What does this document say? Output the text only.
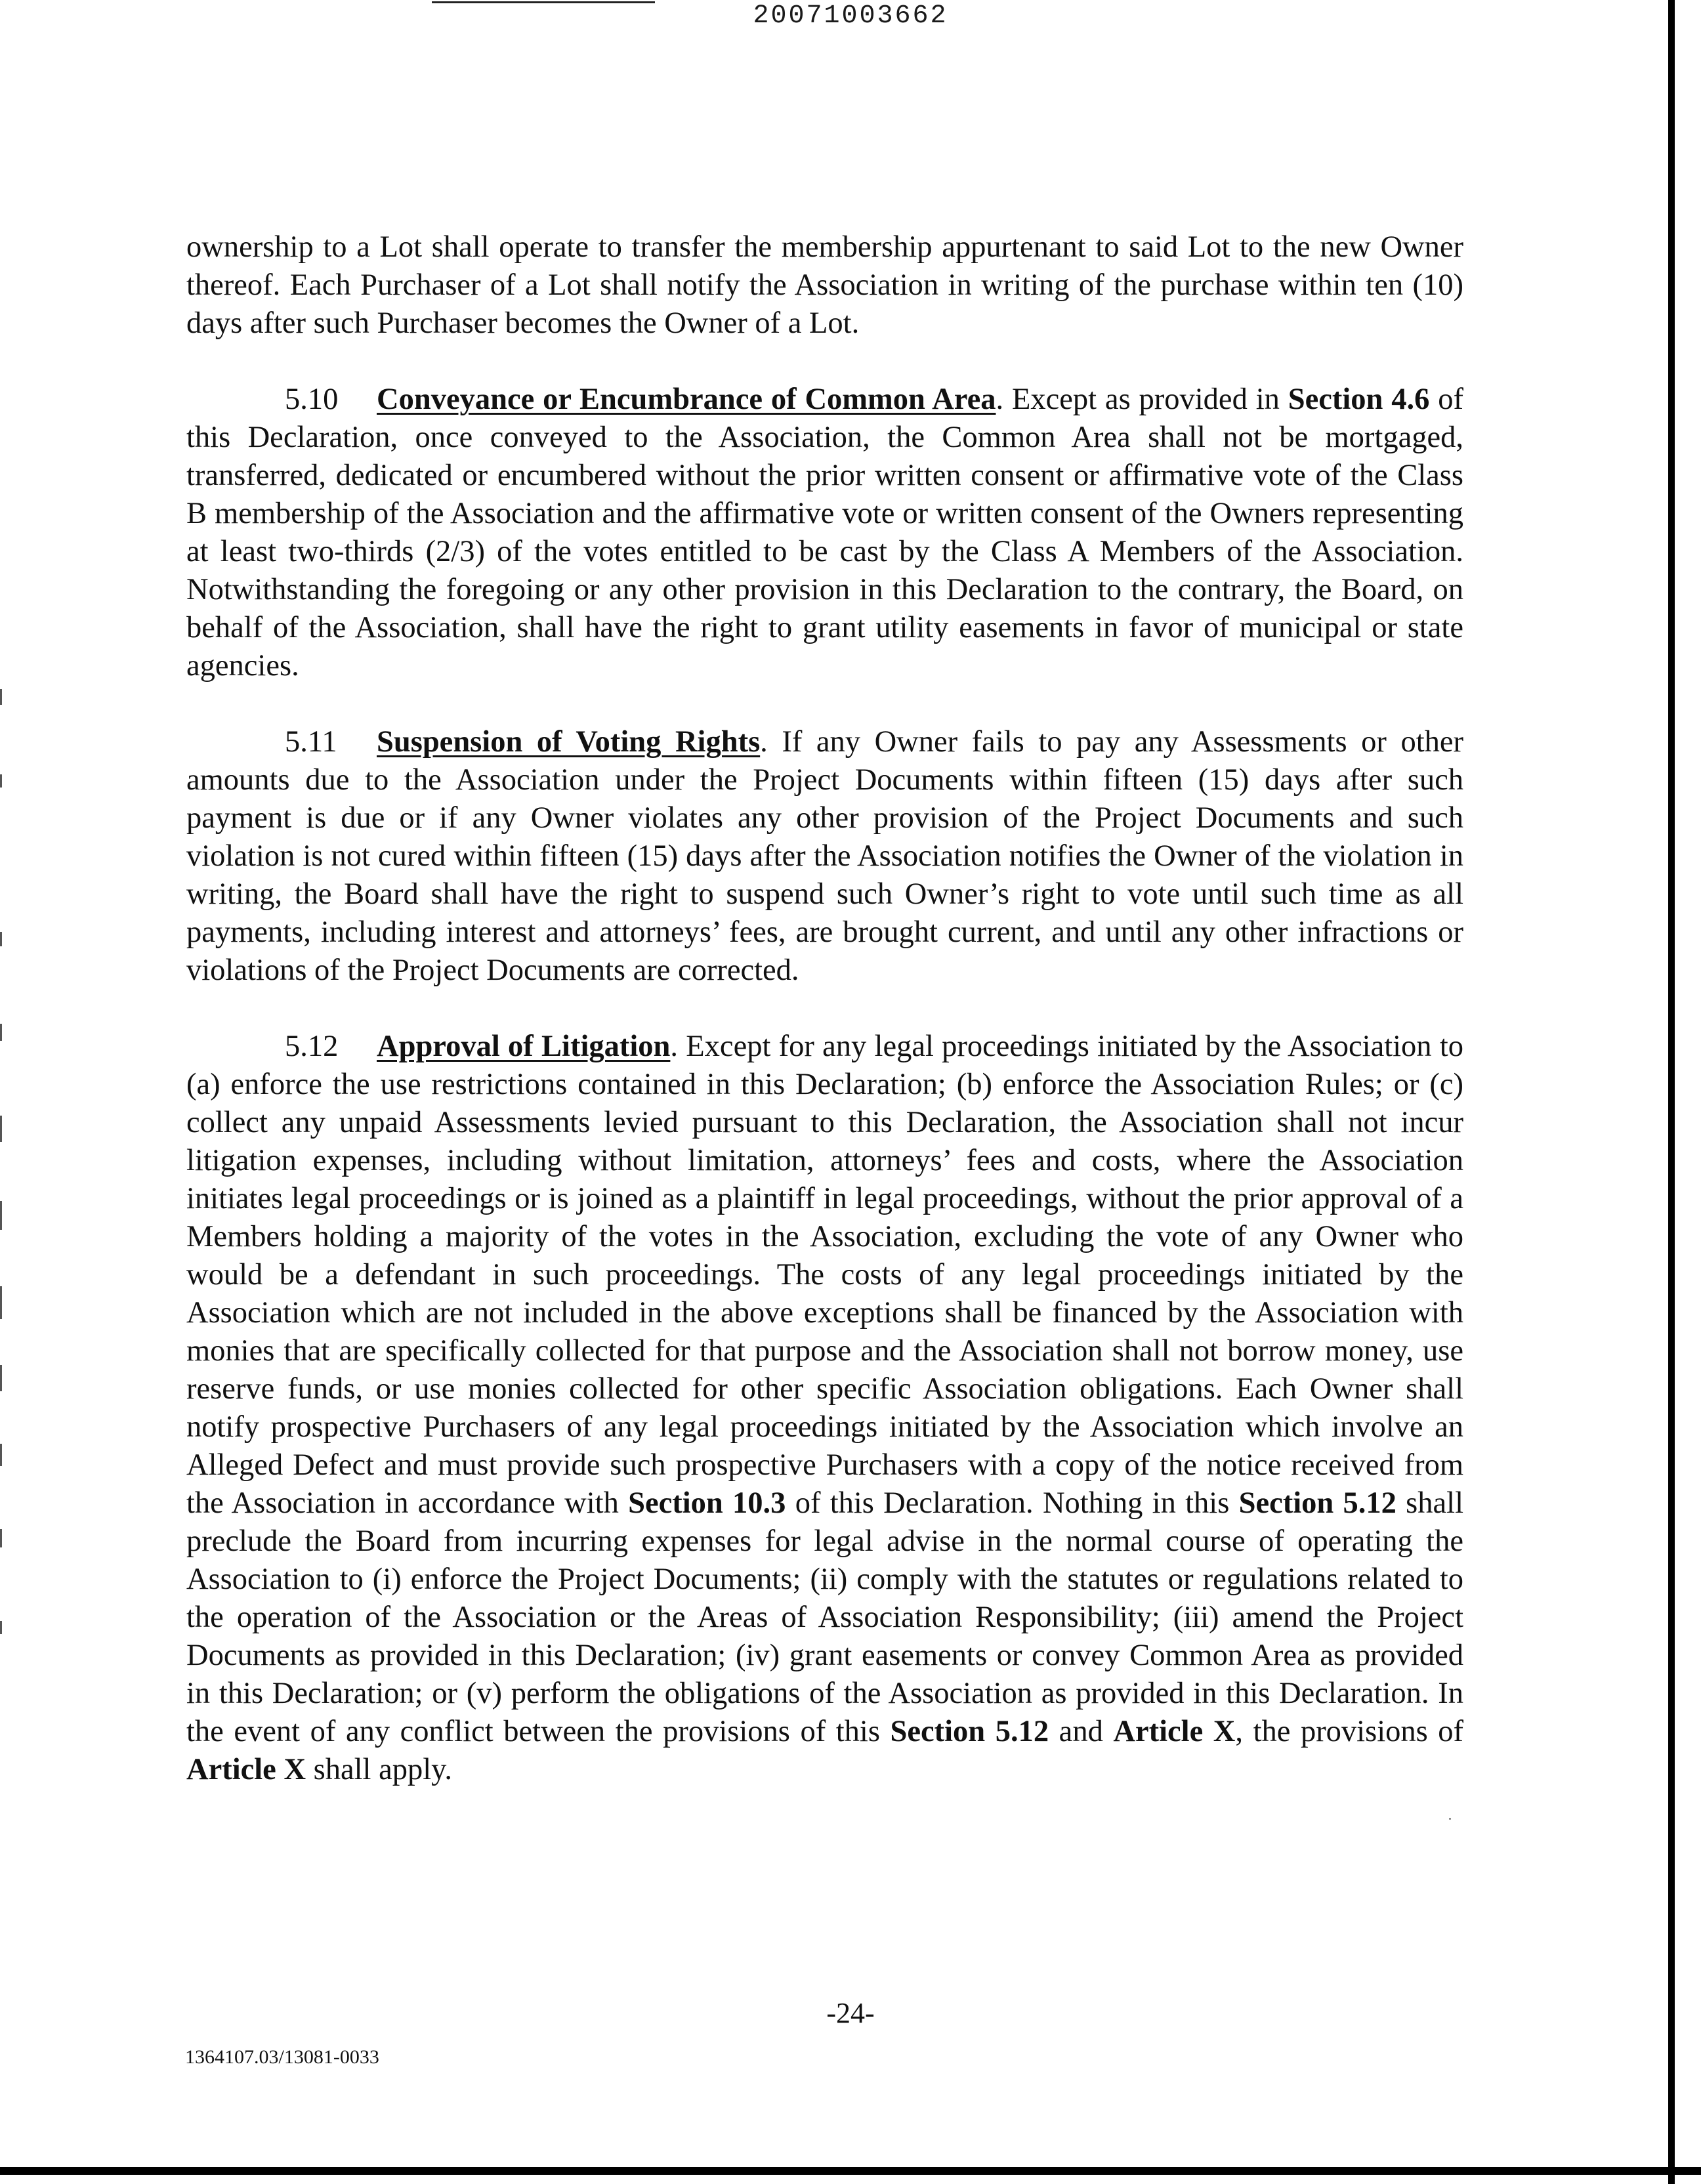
20071003662

ownership to a Lot shall operate to transfer the membership appurtenant to said Lot to the new Owner thereof. Each Purchaser of a Lot shall notify the Association in writing of the purchase within ten (10) days after such Purchaser becomes the Owner of a Lot.

5.10 Conveyance or Encumbrance of Common Area. Except as provided in Section 4.6 of this Declaration, once conveyed to the Association, the Common Area shall not be mortgaged, transferred, dedicated or encumbered without the prior written consent or affirmative vote of the Class B membership of the Association and the affirmative vote or written consent of the Owners representing at least two-thirds (2/3) of the votes entitled to be cast by the Class A Members of the Association. Notwithstanding the foregoing or any other provision in this Declaration to the contrary, the Board, on behalf of the Association, shall have the right to grant utility easements in favor of municipal or state agencies.

5.11 Suspension of Voting Rights. If any Owner fails to pay any Assessments or other amounts due to the Association under the Project Documents within fifteen (15) days after such payment is due or if any Owner violates any other provision of the Project Documents and such violation is not cured within fifteen (15) days after the Association notifies the Owner of the violation in writing, the Board shall have the right to suspend such Owner’s right to vote until such time as all payments, including interest and attorneys’ fees, are brought current, and until any other infractions or violations of the Project Documents are corrected.

5.12 Approval of Litigation. Except for any legal proceedings initiated by the Association to (a) enforce the use restrictions contained in this Declaration; (b) enforce the Association Rules; or (c) collect any unpaid Assessments levied pursuant to this Declaration, the Association shall not incur litigation expenses, including without limitation, attorneys’ fees and costs, where the Association initiates legal proceedings or is joined as a plaintiff in legal proceedings, without the prior approval of a Members holding a majority of the votes in the Association, excluding the vote of any Owner who would be a defendant in such proceedings. The costs of any legal proceedings initiated by the Association which are not included in the above exceptions shall be financed by the Association with monies that are specifically collected for that purpose and the Association shall not borrow money, use reserve funds, or use monies collected for other specific Association obligations. Each Owner shall notify prospective Purchasers of any legal proceedings initiated by the Association which involve an Alleged Defect and must provide such prospective Purchasers with a copy of the notice received from the Association in accordance with Section 10.3 of this Declaration. Nothing in this Section 5.12 shall preclude the Board from incurring expenses for legal advise in the normal course of operating the Association to (i) enforce the Project Documents; (ii) comply with the statutes or regulations related to the operation of the Association or the Areas of Association Responsibility; (iii) amend the Project Documents as provided in this Declaration; (iv) grant easements or convey Common Area as provided in this Declaration; or (v) perform the obligations of the Association as provided in this Declaration. In the event of any conflict between the provisions of this Section 5.12 and Article X, the provisions of Article X shall apply.

-24-
1364107.03/13081-0033
